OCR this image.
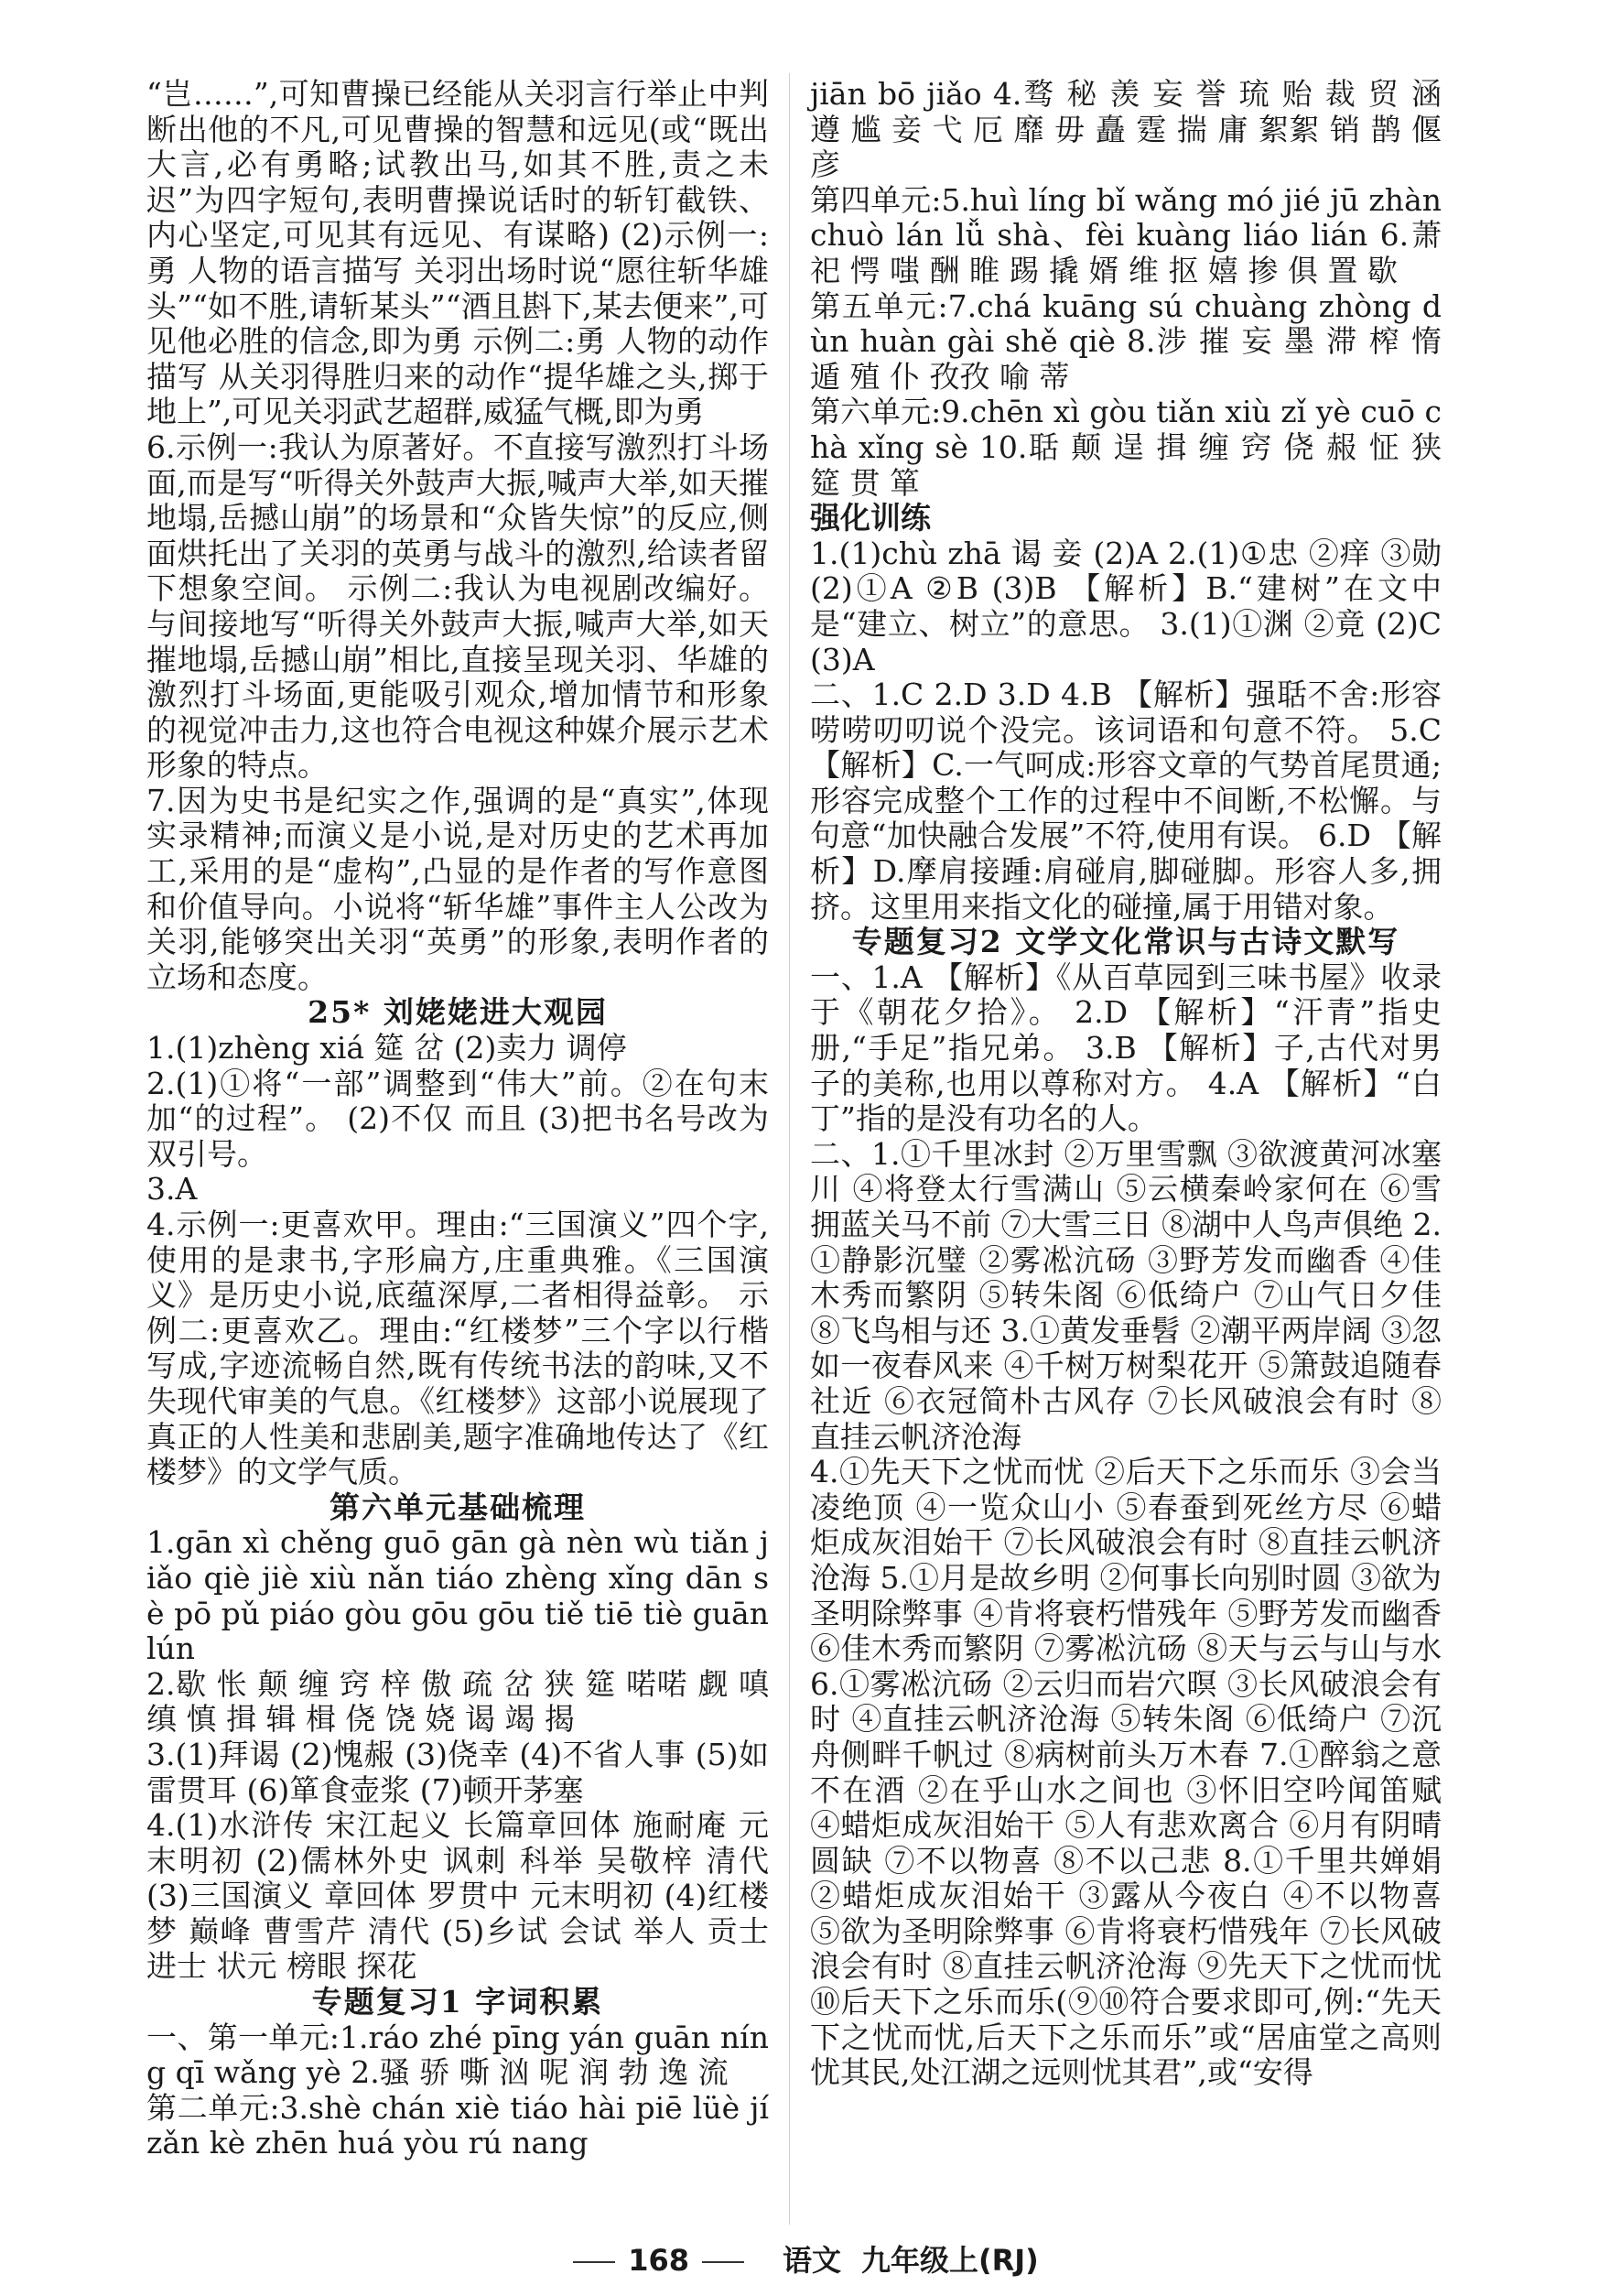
“岂……”,可知曹操已经能从关羽言行举止中判断出他的不凡,可见曹操的智慧和远见(或“既出大言,必有勇略;试教出马,如其不胜,责之未迟”为四字短句,表明曹操说话时的斩钉截铁、内心坚定,可见其有远见、有谋略) (2)示例一:勇 人物的语言描写 关羽出场时说“愿往斩华雄头”“如不胜,请斩某头”“酒且斟下,某去便来”,可见他必胜的信念,即为勇 示例二:勇 人物的动作描写 从关羽得胜归来的动作“提华雄之头,掷于地上”,可见关羽武艺超群,威猛气概,即为勇

6.示例一:我认为原著好。不直接写激烈打斗场面,而是写“听得关外鼓声大振,喊声大举,如天摧地塌,岳撼山崩”的场景和“众皆失惊”的反应,侧面烘托出了关羽的英勇与战斗的激烈,给读者留下想象空间。 示例二:我认为电视剧改编好。与间接地写“听得关外鼓声大振,喊声大举,如天摧地塌,岳撼山崩”相比,直接呈现关羽、华雄的激烈打斗场面,更能吸引观众,增加情节和形象的视觉冲击力,这也符合电视这种媒介展示艺术形象的特点。

7.因为史书是纪实之作,强调的是“真实”,体现实录精神;而演义是小说,是对历史的艺术再加工,采用的是“虚构”,凸显的是作者的写作意图和价值导向。小说将“斩华雄”事件主人公改为关羽,能够突出关羽“英勇”的形象,表明作者的立场和态度。

25* 刘姥姥进大观园

1.(1)zhèng xiá 筵 岔 (2)卖力 调停

2.(1)①将“一部”调整到“伟大”前。②在句末加“的过程”。 (2)不仅 而且 (3)把书名号改为双引号。

3.A

4.示例一:更喜欢甲。理由:“三国演义”四个字,使用的是隶书,字形扁方,庄重典雅。《三国演义》是历史小说,底蕴深厚,二者相得益彰。 示例二:更喜欢乙。理由:“红楼梦”三个字以行楷写成,字迹流畅自然,既有传统书法的韵味,又不失现代审美的气息。《红楼梦》这部小说展现了真正的人性美和悲剧美,题字准确地传达了《红楼梦》的文学气质。

第六单元基础梳理

1.gān xì chěng guō gān gà nèn wù tiǎn jiǎo qiè jiè xiù nǎn tiáo zhèng xǐng dān sè pō pǔ piáo gòu gōu gōu tiě tiē tiè guān lún

2.歇 怅 颠 缠 窍 梓 傲 疏 岔 狭 筵 喏喏 觑 嗔 缜 慎 揖 辑 楫 侥 饶 娆 谒 竭 揭

3.(1)拜谒 (2)愧赧 (3)侥幸 (4)不省人事 (5)如雷贯耳 (6)箪食壶浆 (7)顿开茅塞

4.(1)水浒传 宋江起义 长篇章回体 施耐庵 元末明初 (2)儒林外史 讽刺 科举 吴敬梓 清代 (3)三国演义 章回体 罗贯中 元末明初 (4)红楼梦 巅峰 曹雪芹 清代 (5)乡试 会试 举人 贡士 进士 状元 榜眼 探花

专题复习1 字词积累

一、第一单元:1.ráo zhé pīng yán guān níng qī wǎng yè 2.骚 骄 嘶 汹 呢 润 勃 逸 流

第二单元:3.shè chán xiè tiáo hài piē lüè jí zǎn kè zhēn huá yòu rú nang

jiān bō jiǎo 4.骛 秘 羡 妄 誉 琉 贻 裁 贸 涵 遵 尴 妾 弋 厄 靡 毋 矗 霆 揣 庸 絮絮 销 鹊 偃 彦

第四单元:5.huì líng bǐ wǎng mó jié jū zhàn chuò lán lǚ shà、fèi kuàng liáo lián 6.萧 祀 愕 嗤 酬 睢 踢 撬 婿 维 抠 嬉 掺 俱 置 歇

第五单元:7.chá kuāng sú chuàng zhòng dùn huàn gài shě qiè 8.涉 摧 妄 墨 滞 榨 惰 遁 殖 仆 孜孜 喻 蒂

第六单元:9.chēn xì gòu tiǎn xiù zǐ yè cuō chà xǐng sè 10.聒 颠 逞 揖 缠 窍 侥 赧 怔 狭 筵 贯 箪

强化训练

1.(1)chù zhā 谒 妾 (2)A 2.(1)①忠 ②痒 ③勋 (2)①A ②B (3)B 【解析】B.“建树”在文中是“建立、树立”的意思。 3.(1)①渊 ②竟 (2)C (3)A

二、1.C 2.D 3.D 4.B 【解析】强聒不舍:形容唠唠叨叨说个没完。该词语和句意不符。 5.C 【解析】C.一气呵成:形容文章的气势首尾贯通;形容完成整个工作的过程中不间断,不松懈。与句意“加快融合发展”不符,使用有误。 6.D 【解析】D.摩肩接踵:肩碰肩,脚碰脚。形容人多,拥挤。这里用来指文化的碰撞,属于用错对象。

专题复习2 文学文化常识与古诗文默写

一、1.A 【解析】《从百草园到三味书屋》收录于《朝花夕拾》。 2.D 【解析】“汗青”指史册,“手足”指兄弟。 3.B 【解析】子,古代对男子的美称,也用以尊称对方。 4.A 【解析】“白丁”指的是没有功名的人。

二、1.①千里冰封 ②万里雪飘 ③欲渡黄河冰塞川 ④将登太行雪满山 ⑤云横秦岭家何在 ⑥雪拥蓝关马不前 ⑦大雪三日 ⑧湖中人鸟声俱绝 2.①静影沉璧 ②雾凇沆砀 ③野芳发而幽香 ④佳木秀而繁阴 ⑤转朱阁 ⑥低绮户 ⑦山气日夕佳 ⑧飞鸟相与还 3.①黄发垂髫 ②潮平两岸阔 ③忽如一夜春风来 ④千树万树梨花开 ⑤箫鼓追随春社近 ⑥衣冠简朴古风存 ⑦长风破浪会有时 ⑧直挂云帆济沧海

4.①先天下之忧而忧 ②后天下之乐而乐 ③会当凌绝顶 ④一览众山小 ⑤春蚕到死丝方尽 ⑥蜡炬成灰泪始干 ⑦长风破浪会有时 ⑧直挂云帆济沧海 5.①月是故乡明 ②何事长向别时圆 ③欲为圣明除弊事 ④肯将衰朽惜残年 ⑤野芳发而幽香 ⑥佳木秀而繁阴 ⑦雾凇沆砀 ⑧天与云与山与水 6.①雾凇沆砀 ②云归而岩穴暝 ③长风破浪会有时 ④直挂云帆济沧海 ⑤转朱阁 ⑥低绮户 ⑦沉舟侧畔千帆过 ⑧病树前头万木春 7.①醉翁之意不在酒 ②在乎山水之间也 ③怀旧空吟闻笛赋 ④蜡炬成灰泪始干 ⑤人有悲欢离合 ⑥月有阴晴圆缺 ⑦不以物喜 ⑧不以己悲 8.①千里共婵娟 ②蜡炬成灰泪始干 ③露从今夜白 ④不以物喜 ⑤欲为圣明除弊事 ⑥肯将衰朽惜残年 ⑦长风破浪会有时 ⑧直挂云帆济沧海 ⑨先天下之忧而忧 ⑩后天下之乐而乐(⑨⑩符合要求即可,例:“先天下之忧而忧,后天下之乐而乐”或“居庙堂之高则忧其民,处江湖之远则忧其君”,或“安得

168	语文 九年级上(RJ)
